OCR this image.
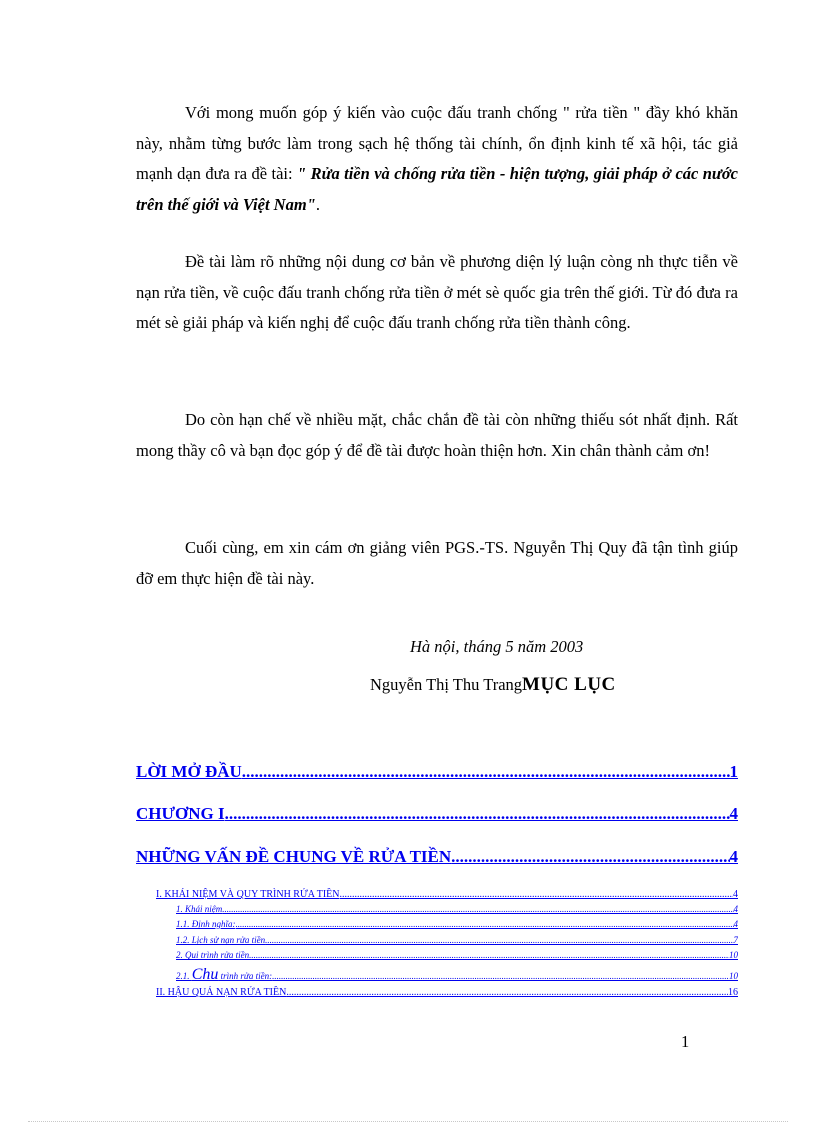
Với mong muốn góp ý kiến vào cuộc đấu tranh chống " rửa tiền " đầy khó khăn này, nhằm từng bước làm trong sạch hệ thống tài chính, ổn định kinh tế xã hội, tác giả mạnh dạn đưa ra đề tài: " Rửa tiền và chống rửa tiền - hiện tượng, giải pháp ở các nước trên thế giới và Việt Nam".
Đề tài làm rõ những nội dung cơ bản về phương diện lý luận còng nh thực tiễn về nạn rửa tiền, về cuộc đấu tranh chống rửa tiền ở mét sè quốc gia trên thế giới. Từ đó đưa ra mét sè giải pháp và kiến nghị để cuộc đấu tranh chống rửa tiền thành công.
Do còn hạn chế về nhiều mặt, chắc chắn đề tài còn những thiếu sót nhất định. Rất mong thầy cô và bạn đọc góp ý để đề tài được hoàn thiện hơn. Xin chân thành cảm ơn!
Cuối cùng, em xin cám ơn giảng viên PGS.-TS. Nguyễn Thị Quy đã tận tình giúp đỡ em thực hiện đề tài này.
Hà nội, tháng 5 năm 2003
Nguyễn Thị Thu TrangMỤC LỤC
LỜI MỞ ĐẦU .....	1
CHƯƠNG I .....	4
NHỮNG VẤN ĐỀ CHUNG VỀ RỬA TIỀN .....	4
I. KHÁI NIỆM VÀ QUY TRÌNH RỬA TIỀN .....	4
1. Khái niệm .....	4
1.1. Định nghĩa: .....	4
1.2. Lịch sử nạn rửa tiền .....	7
2. Qui trình rửa tiền. .....	10
2.1. Chu trình rửa tiền: .....	10
II. HẬU QUẢ NẠN RỬA TIỀN .....	16
1
